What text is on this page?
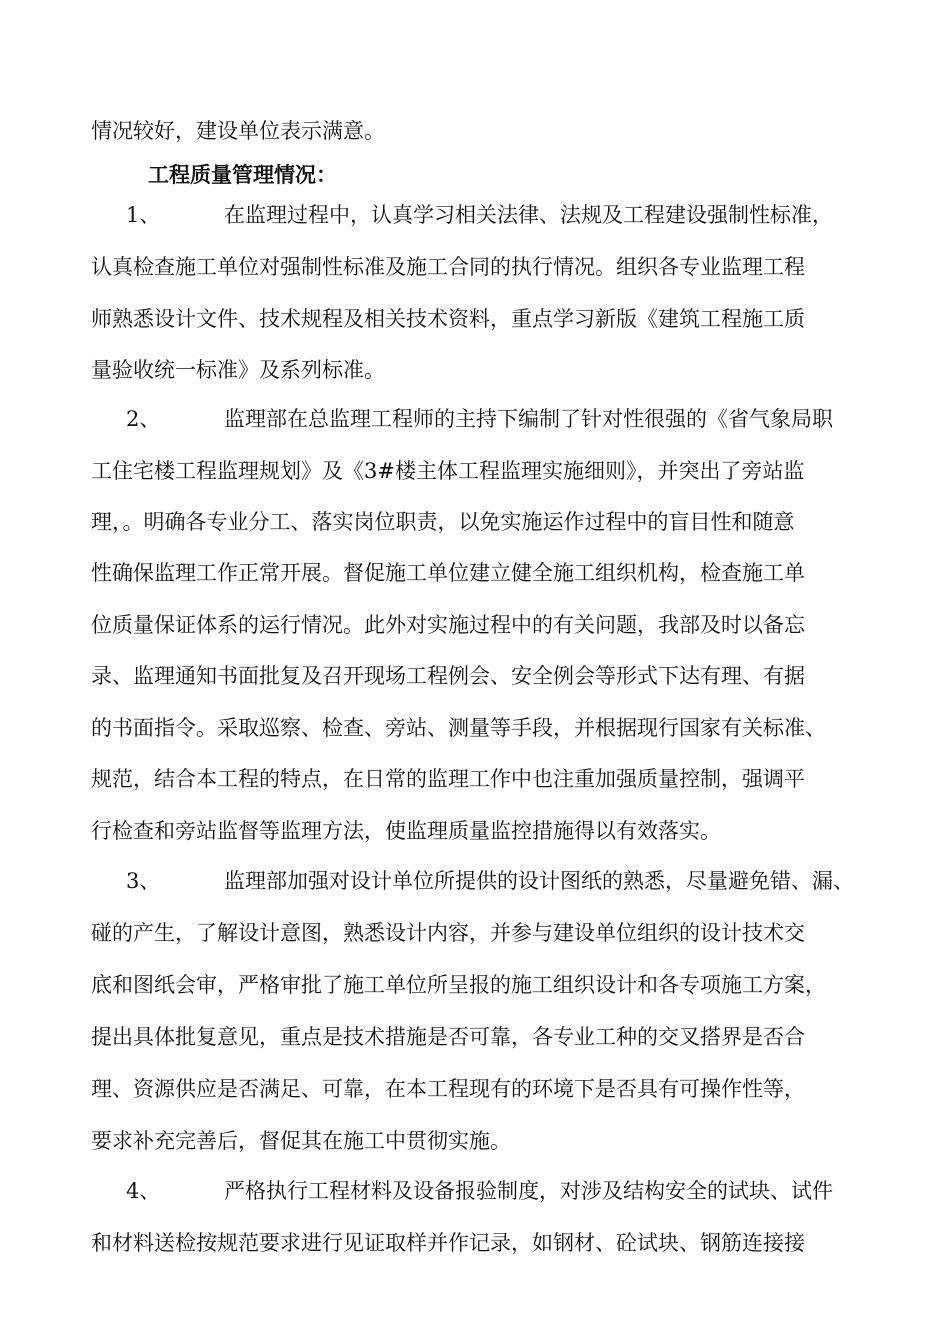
情况较好，建设单位表示满意。
工程质量管理情况：
1、	在监理过程中，认真学习相关法律、法规及工程建设强制性标准，
认真检查施工单位对强制性标准及施工合同的执行情况。组织各专业监理工程
师熟悉设计文件、技术规程及相关技术资料，重点学习新版《建筑工程施工质
量验收统一标准》及系列标准。
2、	监理部在总监理工程师的主持下编制了针对性很强的《省气象局职
工住宅楼工程监理规划》及《3#楼主体工程监理实施细则》，并突出了旁站监
理，。明确各专业分工、落实岗位职责，以免实施运作过程中的盲目性和随意
性确保监理工作正常开展。督促施工单位建立健全施工组织机构，检查施工单
位质量保证体系的运行情况。此外对实施过程中的有关问题，我部及时以备忘
录、监理通知书面批复及召开现场工程例会、安全例会等形式下达有理、有据
的书面指令。采取巡察、检查、旁站、测量等手段，并根据现行国家有关标准、
规范，结合本工程的特点，在日常的监理工作中也注重加强质量控制，强调平
行检查和旁站监督等监理方法，使监理质量监控措施得以有效落实。
3、	监理部加强对设计单位所提供的设计图纸的熟悉，尽量避免错、漏、
碰的产生，了解设计意图，熟悉设计内容，并参与建设单位组织的设计技术交
底和图纸会审，严格审批了施工单位所呈报的施工组织设计和各专项施工方案，
提出具体批复意见，重点是技术措施是否可靠，各专业工种的交叉搭界是否合
理、资源供应是否满足、可靠，在本工程现有的环境下是否具有可操作性等，
要求补充完善后，督促其在施工中贯彻实施。
4、	严格执行工程材料及设备报验制度，对涉及结构安全的试块、试件
和材料送检按规范要求进行见证取样并作记录，如钢材、砼试块、钢筋连接接
